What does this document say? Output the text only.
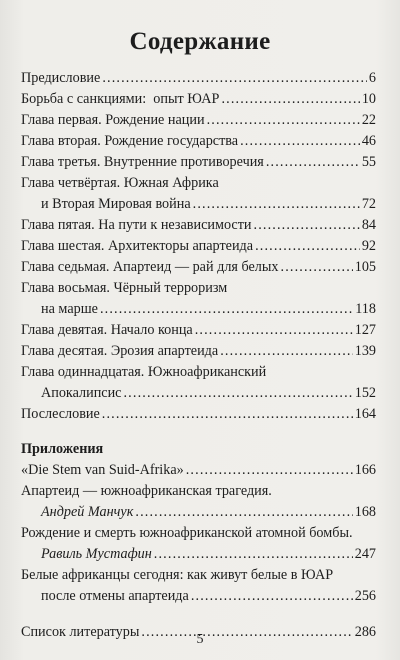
Содержание
Предисловие . . .	6
Борьба с санкциями:  опыт ЮАР . . .	10
Глава первая. Рождение нации . . .	22
Глава вторая. Рождение государства . . .	46
Глава третья. Внутренние противоречия . . .	55
Глава четвёртая. Южная Африка
и Вторая Мировая война . . .	72
Глава пятая. На пути к независимости . . .	84
Глава шестая. Архитекторы апартеида . . .	92
Глава седьмая. Апартеид — рай для белых . . .	105
Глава восьмая. Чёрный терроризм
на марше . . .	118
Глава девятая. Начало конца . . .	127
Глава десятая. Эрозия апартеида . . .	139
Глава одиннадцатая. Южноафриканский
Апокалипсис . . .	152
Послесловие . . .	164
Приложения
«Die Stem van Suid-Afrika» . . .	166
Апартеид — южноафриканская трагедия.
Андрей Манчук . . .	168
Рождение и смерть южноафриканской атомной бомбы.
Равиль Мустафин . . .	247
Белые африканцы сегодня: как живут белые в ЮАР
после отмены апартеида . . .	256
Список литературы . . .	286
5
